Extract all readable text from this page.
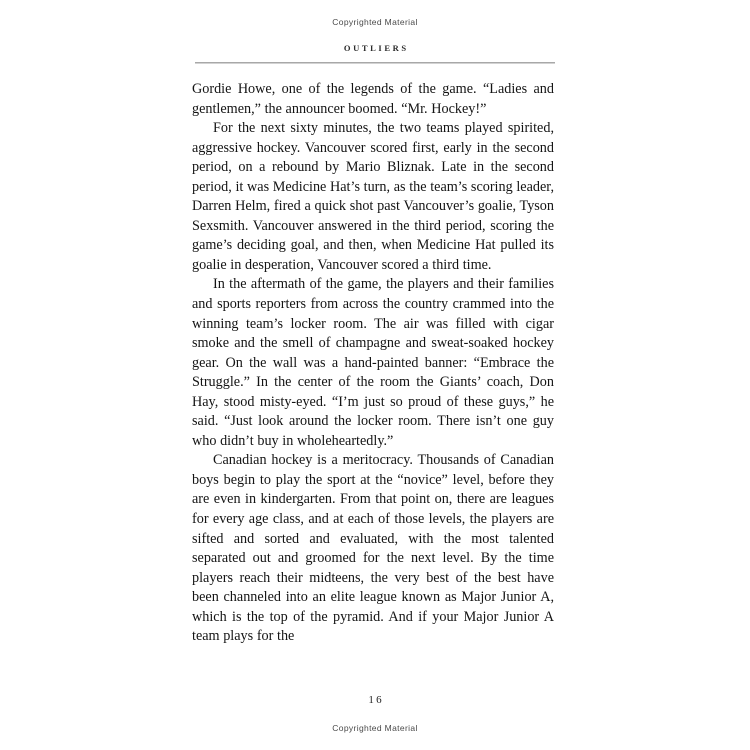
Copyrighted Material
OUTLIERS

Gordie Howe, one of the legends of the game. “Ladies and gentlemen,” the announcer boomed. “Mr. Hockey!”

For the next sixty minutes, the two teams played spirited, aggressive hockey. Vancouver scored first, early in the second period, on a rebound by Mario Bliznak. Late in the second period, it was Medicine Hat’s turn, as the team’s scoring leader, Darren Helm, fired a quick shot past Vancouver’s goalie, Tyson Sexsmith. Vancouver answered in the third period, scoring the game’s deciding goal, and then, when Medicine Hat pulled its goalie in desperation, Vancouver scored a third time.

In the aftermath of the game, the players and their families and sports reporters from across the country crammed into the winning team’s locker room. The air was filled with cigar smoke and the smell of champagne and sweat-soaked hockey gear. On the wall was a hand-painted banner: “Embrace the Struggle.” In the center of the room the Giants’ coach, Don Hay, stood misty-eyed. “I’m just so proud of these guys,” he said. “Just look around the locker room. There isn’t one guy who didn’t buy in wholeheartedly.”

Canadian hockey is a meritocracy. Thousands of Canadian boys begin to play the sport at the “novice” level, before they are even in kindergarten. From that point on, there are leagues for every age class, and at each of those levels, the players are sifted and sorted and evaluated, with the most talented separated out and groomed for the next level. By the time players reach their midteens, the very best of the best have been channeled into an elite league known as Major Junior A, which is the top of the pyramid. And if your Major Junior A team plays for the

16
Copyrighted Material
